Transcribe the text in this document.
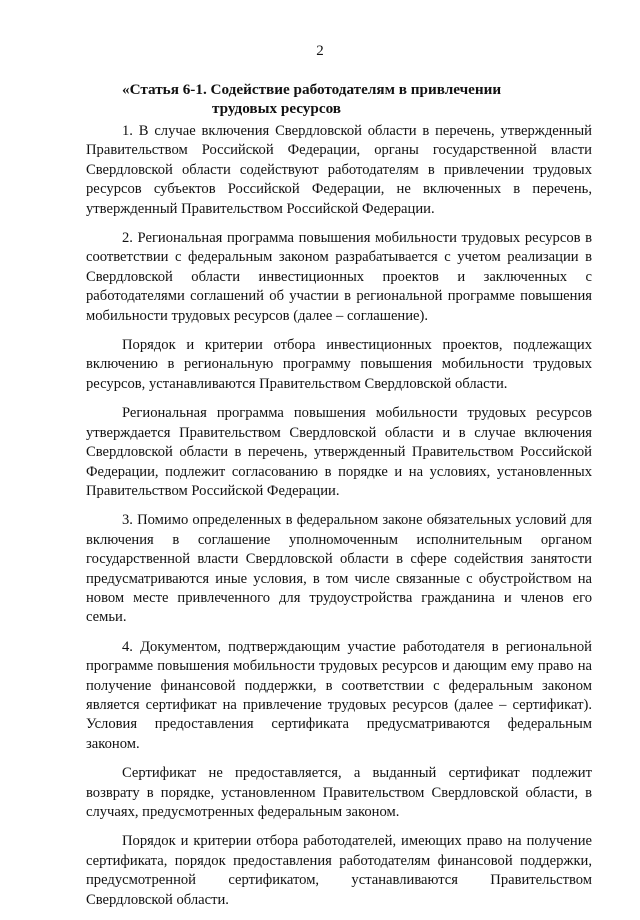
2
«Статья 6-1. Содействие работодателям в привлечении
трудовых ресурсов

1. В случае включения Свердловской области в перечень, утвержденный Правительством Российской Федерации, органы государственной власти Свердловской области содействуют работодателям в привлечении трудовых ресурсов субъектов Российской Федерации, не включенных в перечень, утвержденный Правительством Российской Федерации.

2. Региональная программа повышения мобильности трудовых ресурсов в соответствии с федеральным законом разрабатывается с учетом реализации в Свердловской области инвестиционных проектов и заключенных с работодателями соглашений об участии в региональной программе повышения мобильности трудовых ресурсов (далее – соглашение).

Порядок и критерии отбора инвестиционных проектов, подлежащих включению в региональную программу повышения мобильности трудовых ресурсов, устанавливаются Правительством Свердловской области.

Региональная программа повышения мобильности трудовых ресурсов утверждается Правительством Свердловской области и в случае включения Свердловской области в перечень, утвержденный Правительством Российской Федерации, подлежит согласованию в порядке и на условиях, установленных Правительством Российской Федерации.

3. Помимо определенных в федеральном законе обязательных условий для включения в соглашение уполномоченным исполнительным органом государственной власти Свердловской области в сфере содействия занятости предусматриваются иные условия, в том числе связанные с обустройством на новом месте привлеченного для трудоустройства гражданина и членов его семьи.

4. Документом, подтверждающим участие работодателя в региональной программе повышения мобильности трудовых ресурсов и дающим ему право на получение финансовой поддержки, в соответствии с федеральным законом является сертификат на привлечение трудовых ресурсов (далее – сертификат). Условия предоставления сертификата предусматриваются федеральным законом.

Сертификат не предоставляется, а выданный сертификат подлежит возврату в порядке, установленном Правительством Свердловской области, в случаях, предусмотренных федеральным законом.

Порядок и критерии отбора работодателей, имеющих право на получение сертификата, порядок предоставления работодателям финансовой поддержки, предусмотренной сертификатом, устанавливаются Правительством Свердловской области.
